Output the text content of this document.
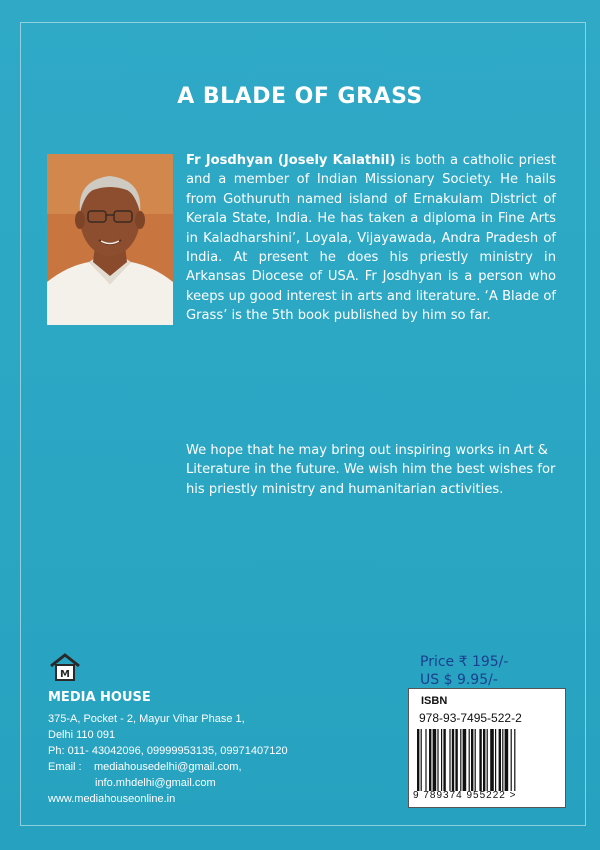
A BLADE OF GRASS
Fr Josdhyan (Josely Kalathil) is both a catholic priest and a member of Indian Missionary Society. He hails from Gothuruth named island of Ernakulam District of Kerala State, India. He has taken a diploma in Fine Arts in Kaladharshini’, Loyala, Vijayawada, Andra Pradesh of India. At present he does his priestly ministry in Arkansas Diocese of USA. Fr Josdhyan is a person who keeps up good interest in arts and literature. ‘A Blade of Grass’ is the 5th book published by him so far.
We hope that he may bring out inspiring works in Art & Literature in the future. We wish him the best wishes for his priestly ministry and humanitarian activities.
M
MEDIA HOUSE
375-A, Pocket - 2, Mayur Vihar Phase 1,
Delhi 110 091
Ph: 011- 43042096, 09999953135, 09971407120
Email :	mediahousedelhi@gmail.com,
info.mhdelhi@gmail.com
www.mediahouseonline.in
Price ₹ 195/-
US $ 9.95/-
ISBN
978-93-7495-522-2
9 789374 955222 >
